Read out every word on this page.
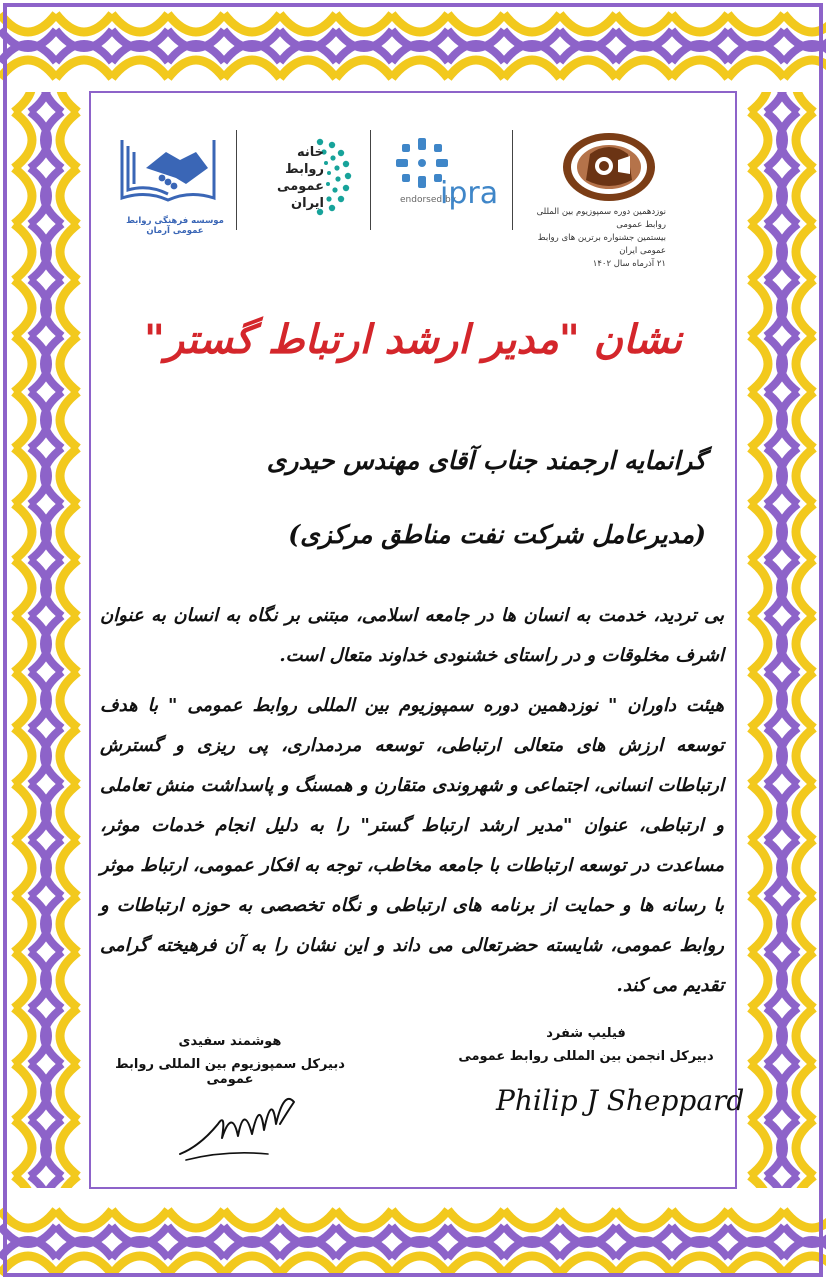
موسسه فرهنگی روابط عمومی آرمان
خانه
روابط
عمومی
ایران	endorsed by
ipra
نوزدهمین دوره سمپوزیوم بین المللی روابط عمومی
بیستمین جشنواره برترین های روابط عمومی ایران
۲۱ آذرماه سال ۱۴۰۲
نشان "مدیر ارشد ارتباط گستر"
گرانمایه ارجمند جناب آقای مهندس حیدری
(مدیرعامل شرکت نفت مناطق مرکزی)

بی تردید، خدمت به انسان ها در جامعه اسلامی، مبتنی بر نگاه به انسان به عنوان اشرف مخلوقات و در راستای خشنودی خداوند متعال است.

هیئت داوران " نوزدهمین دوره سمپوزیوم بین المللی روابط عمومی " با هدف توسعه ارزش های متعالی ارتباطی، توسعه مردمداری، پی ریزی و گسترش ارتباطات انسانی، اجتماعی و شهروندی متقارن و همسنگ و پاسداشت منش تعاملی و ارتباطی، عنوان "مدیر ارشد ارتباط گستر" را به دلیل انجام خدمات موثر، مساعدت در توسعه ارتباطات با جامعه مخاطب، توجه به افکار عمومی، ارتباط موثر با رسانه ها و حمایت از برنامه های ارتباطی و نگاه تخصصی به حوزه ارتباطات و روابط عمومی، شایسته حضرتعالی می داند و این نشان را به آن فرهیخته گرامی تقدیم می کند.

فیلیپ شفرد
دبیرکل انجمن بین المللی روابط عمومی
Philip J Sheppard
هوشمند سفیدی
دبیرکل سمپوزیوم بین المللی روابط عمومی
